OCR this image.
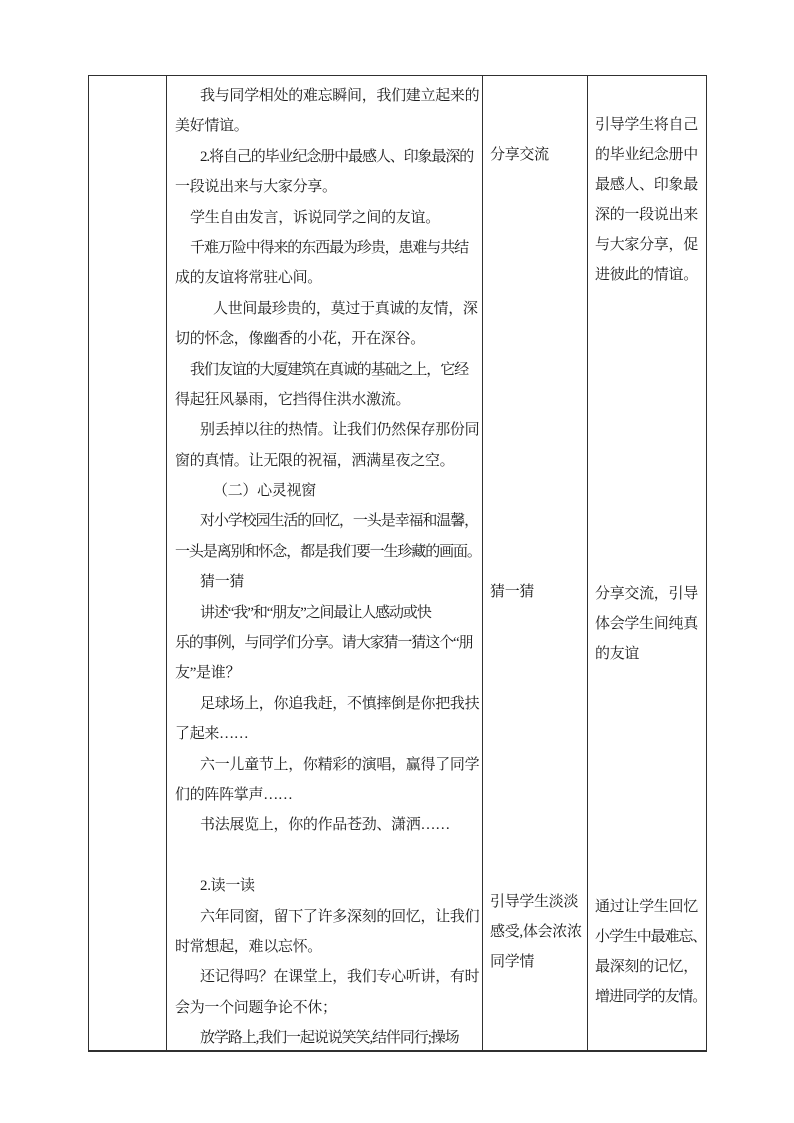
我与同学相处的难忘瞬间，我们建立起来的
美好情谊。
2.将自己的毕业纪念册中最感人、印象最深的
一段说出来与大家分享。
学生自由发言，诉说同学之间的友谊。
千难万险中得来的东西最为珍贵，患难与共结
成的友谊将常驻心间。
人世间最珍贵的，莫过于真诚的友情，深
切的怀念，像幽香的小花，开在深谷。
我们友谊的大厦建筑在真诚的基础之上，它经
得起狂风暴雨，它挡得住洪水激流。
别丢掉以往的热情。让我们仍然保存那份同
窗的真情。让无限的祝福，洒满星夜之空。
（二）心灵视窗
对小学校园生活的回忆，一头是幸福和温馨，
一头是离别和怀念，都是我们要一生珍藏的画面。
猜一猜
讲述“我”和“朋友”之间最让人感动或快
乐的事例，与同学们分享。请大家猜一猜这个“朋
友”是谁？
足球场上，你追我赶，不慎摔倒是你把我扶
了起来……
六一儿童节上，你精彩的演唱，赢得了同学
们的阵阵掌声……
书法展览上，你的作品苍劲、潇洒……
2.读一读
六年同窗，留下了许多深刻的回忆，让我们
时常想起，难以忘怀。
还记得吗？在课堂上，我们专心听讲，有时
会为一个问题争论不休；
放学路上,我们一起说说笑笑,结伴同行;操场
分享交流
猜一猜
引导学生淡淡
感受,体会浓浓
同学情
引导学生将自己
的毕业纪念册中
最感人、印象最
深的一段说出来
与大家分享，促
进彼此的情谊。
分享交流，引导
体会学生间纯真
的友谊
通过让学生回忆
小学生中最难忘、
最深刻的记忆，
增进同学的友情。
